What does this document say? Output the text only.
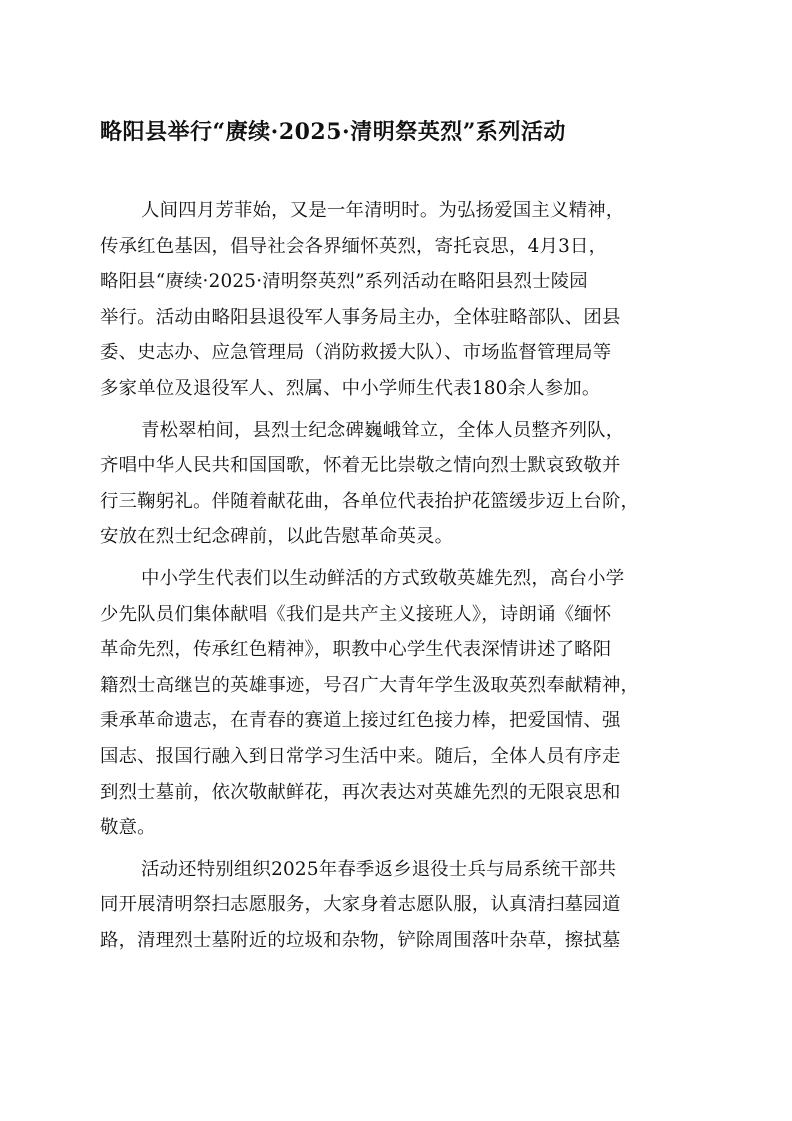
略阳县举行“赓续·2025·清明祭英烈”系列活动
人间四月芳菲始，又是一年清明时。为弘扬爱国主义精神，
传承红色基因，倡导社会各界缅怀英烈，寄托哀思，4月3日，
略阳县“赓续·2025·清明祭英烈”系列活动在略阳县烈士陵园
举行。活动由略阳县退役军人事务局主办，全体驻略部队、团县
委、史志办、应急管理局（消防救援大队）、市场监督管理局等
多家单位及退役军人、烈属、中小学师生代表180余人参加。
青松翠柏间，县烈士纪念碑巍峨耸立，全体人员整齐列队，
齐唱中华人民共和国国歌，怀着无比崇敬之情向烈士默哀致敬并
行三鞠躬礼。伴随着献花曲，各单位代表抬护花篮缓步迈上台阶，
安放在烈士纪念碑前，以此告慰革命英灵。
中小学生代表们以生动鲜活的方式致敬英雄先烈，高台小学
少先队员们集体献唱《我们是共产主义接班人》，诗朗诵《缅怀
革命先烈，传承红色精神》，职教中心学生代表深情讲述了略阳
籍烈士高继岂的英雄事迹，号召广大青年学生汲取英烈奉献精神，
秉承革命遗志，在青春的赛道上接过红色接力棒，把爱国情、强
国志、报国行融入到日常学习生活中来。随后，全体人员有序走
到烈士墓前，依次敬献鲜花，再次表达对英雄先烈的无限哀思和
敬意。
活动还特别组织2025年春季返乡退役士兵与局系统干部共
同开展清明祭扫志愿服务，大家身着志愿队服，认真清扫墓园道
路，清理烈士墓附近的垃圾和杂物，铲除周围落叶杂草，擦拭墓
